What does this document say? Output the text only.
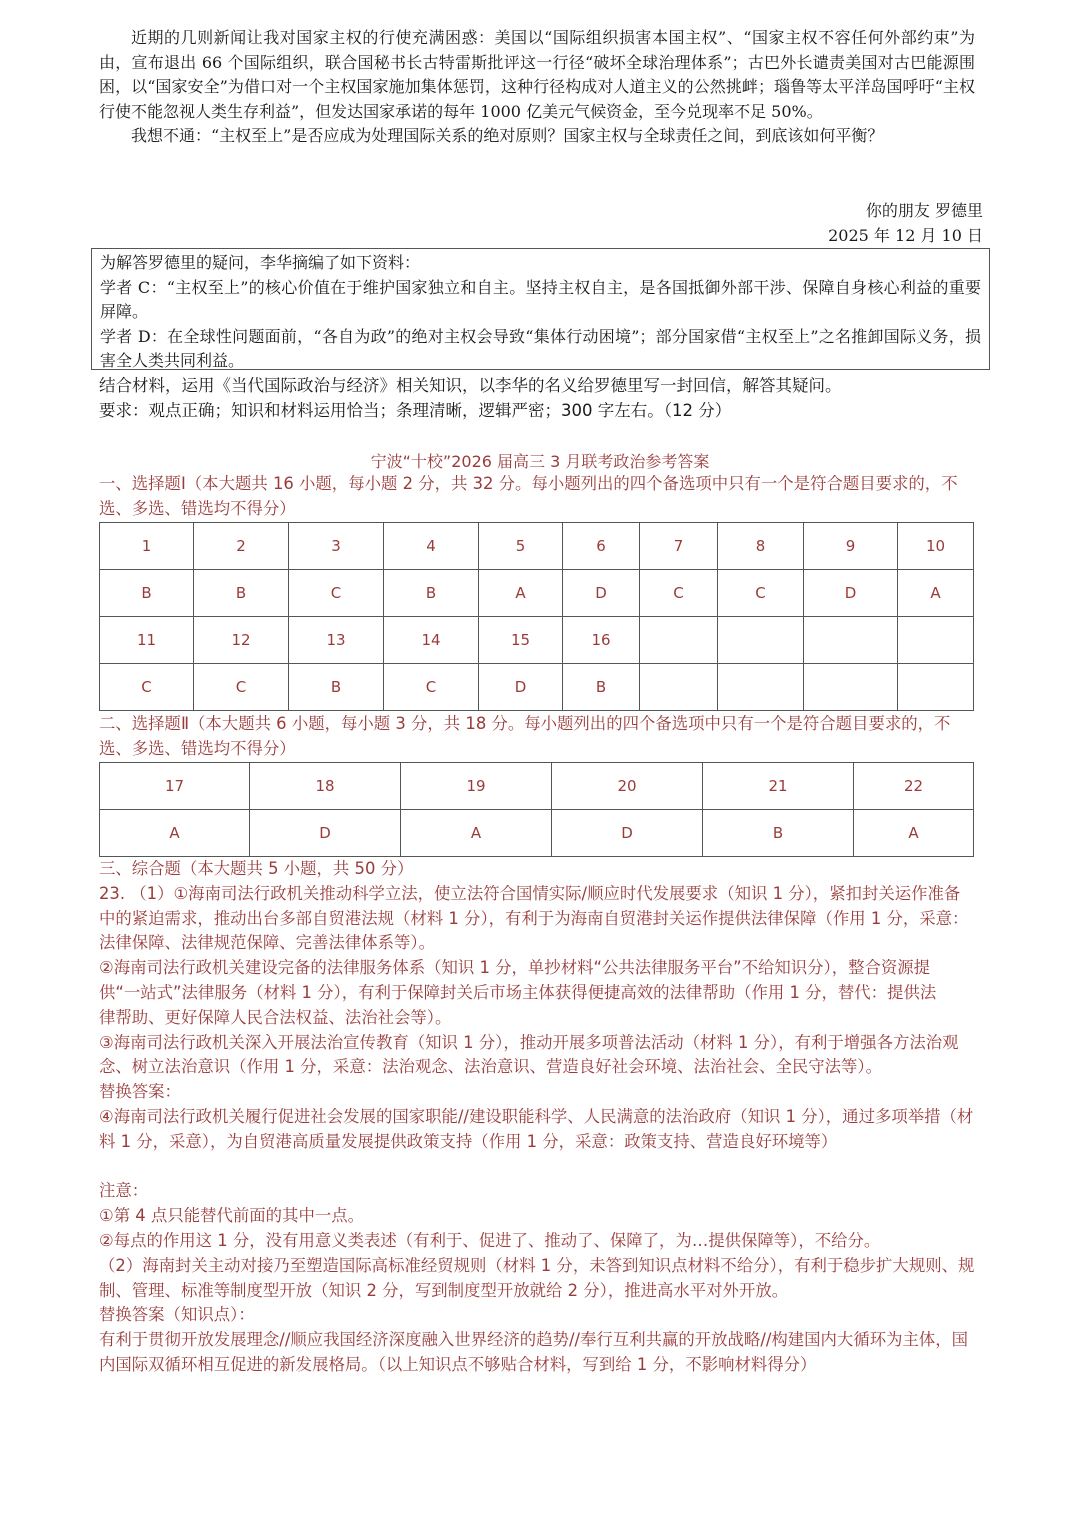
近期的几则新闻让我对国家主权的行使充满困惑：美国以“国际组织损害本国主权”、“国家主权不容任何外部约束”为由，宣布退出 66 个国际组织，联合国秘书长古特雷斯批评这一行径“破坏全球治理体系”；古巴外长谴责美国对古巴能源围困，以“国家安全”为借口对一个主权国家施加集体惩罚，这种行径构成对人道主义的公然挑衅；瑙鲁等太平洋岛国呼吁“主权行使不能忽视人类生存利益”，但发达国家承诺的每年 1000 亿美元气候资金，至今兑现率不足 50%。

我想不通：“主权至上”是否应成为处理国际关系的绝对原则？国家主权与全球责任之间，到底该如何平衡？

你的朋友 罗德里

2025 年 12 月 10 日

为解答罗德里的疑问，李华摘编了如下资料：

学者 C：“主权至上”的核心价值在于维护国家独立和自主。坚持主权自主，是各国抵御外部干涉、保障自身核心利益的重要屏障。

学者 D：在全球性问题面前，“各自为政”的绝对主权会导致“集体行动困境”；部分国家借“主权至上”之名推卸国际义务，损害全人类共同利益。

结合材料，运用《当代国际政治与经济》相关知识，以李华的名义给罗德里写一封回信，解答其疑问。

要求：观点正确；知识和材料运用恰当；条理清晰，逻辑严密；300 字左右。（12 分）

宁波“十校”2026 届高三 3 月联考政治参考答案

一、选择题Ⅰ（本大题共 16 小题，每小题 2 分，共 32 分。每小题列出的四个备选项中只有一个是符合题目要求的，不选、多选、错选均不得分）

1	2	3	4	5	6	7	8	9	10
B	B	C	B	A	D	C	C	D	A
11	12	13	14	15	16				
C	C	B	C	D	B				

二、选择题Ⅱ（本大题共 6 小题，每小题 3 分，共 18 分。每小题列出的四个备选项中只有一个是符合题目要求的，不选、多选、错选均不得分）

17	18	19	20	21	22
A	D	A	D	B	A

三、综合题（本大题共 5 小题，共 50 分）

23. （1）①海南司法行政机关推动科学立法，使立法符合国情实际/顺应时代发展要求（知识 1 分），紧扣封关运作准备中的紧迫需求，推动出台多部自贸港法规（材料 1 分），有利于为海南自贸港封关运作提供法律保障（作用 1 分，采意：法律保障、法律规范保障、完善法律体系等）。

②海南司法行政机关建设完备的法律服务体系（知识 1 分，单抄材料“公共法律服务平台”不给知识分），整合资源提供“一站式”法律服务（材料 1 分），有利于保障封关后市场主体获得便捷高效的法律帮助（作用 1 分，替代：提供法律帮助、更好保障人民合法权益、法治社会等）。

③海南司法行政机关深入开展法治宣传教育（知识 1 分），推动开展多项普法活动（材料 1 分），有利于增强各方法治观念、树立法治意识（作用 1 分，采意：法治观念、法治意识、营造良好社会环境、法治社会、全民守法等）。

替换答案：

④海南司法行政机关履行促进社会发展的国家职能//建设职能科学、人民满意的法治政府（知识 1 分），通过多项举措（材料 1 分，采意），为自贸港高质量发展提供政策支持（作用 1 分，采意：政策支持、营造良好环境等）

注意：

①第 4 点只能替代前面的其中一点。

②每点的作用这 1 分，没有用意义类表述（有利于、促进了、推动了、保障了，为…提供保障等），不给分。

（2）海南封关主动对接乃至塑造国际高标准经贸规则（材料 1 分，未答到知识点材料不给分），有利于稳步扩大规则、规制、管理、标准等制度型开放（知识 2 分，写到制度型开放就给 2 分），推进高水平对外开放。

替换答案（知识点）：

有利于贯彻开放发展理念//顺应我国经济深度融入世界经济的趋势//奉行互利共赢的开放战略//构建国内大循环为主体，国内国际双循环相互促进的新发展格局。（以上知识点不够贴合材料，写到给 1 分，不影响材料得分）
